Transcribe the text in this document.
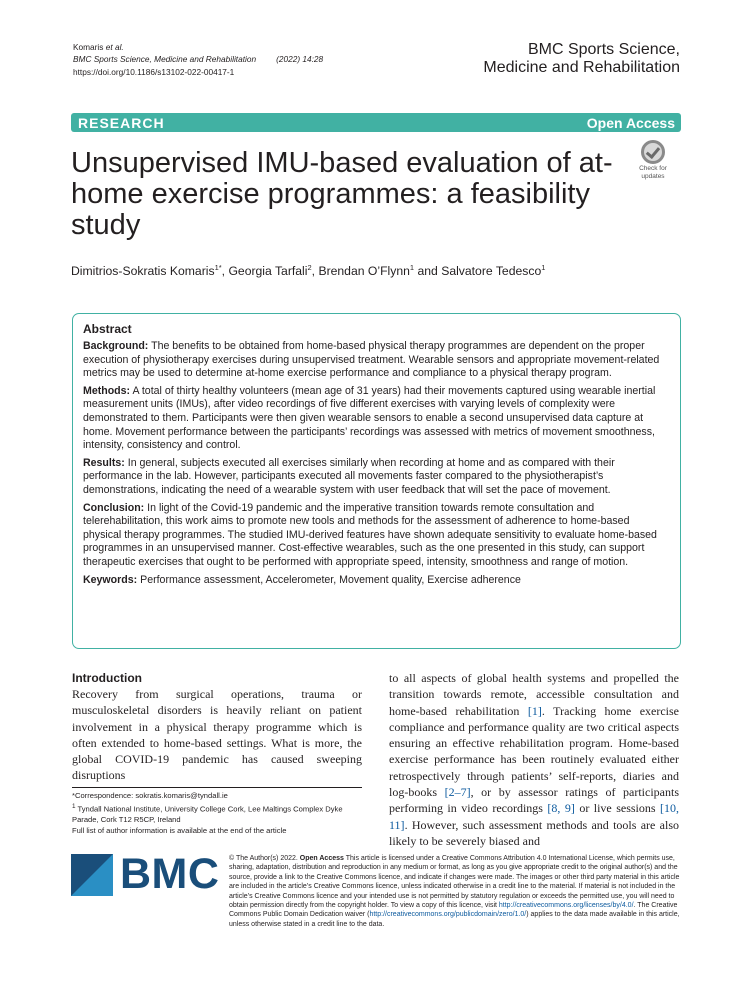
Komaris et al.
BMC Sports Science, Medicine and Rehabilitation (2022) 14:28
https://doi.org/10.1186/s13102-022-00417-1
BMC Sports Science,
Medicine and Rehabilitation
RESEARCH	Open Access
Check for
updates
Unsupervised IMU-based evaluation of at-home exercise programmes: a feasibility study
Dimitrios-Sokratis Komaris$^{1*}$, Georgia Tarfali$^2$, Brendan O’Flynn$^1$ and Salvatore Tedesco$^1$
Abstract

Background: The benefits to be obtained from home-based physical therapy programmes are dependent on the proper execution of physiotherapy exercises during unsupervised treatment. Wearable sensors and appropriate movement-related metrics may be used to determine at-home exercise performance and compliance to a physical therapy program.

Methods: A total of thirty healthy volunteers (mean age of 31 years) had their movements captured using wearable inertial measurement units (IMUs), after video recordings of five different exercises with varying levels of complexity were demonstrated to them. Participants were then given wearable sensors to enable a second unsupervised data capture at home. Movement performance between the participants’ recordings was assessed with metrics of movement smoothness, intensity, consistency and control.

Results: In general, subjects executed all exercises similarly when recording at home and as compared with their performance in the lab. However, participants executed all movements faster compared to the physiotherapist’s demonstrations, indicating the need of a wearable system with user feedback that will set the pace of movement.

Conclusion: In light of the Covid-19 pandemic and the imperative transition towards remote consultation and telerehabilitation, this work aims to promote new tools and methods for the assessment of adherence to home-based physical therapy programmes. The studied IMU-derived features have shown adequate sensitivity to evaluate home-based programmes in an unsupervised manner. Cost-effective wearables, such as the one presented in this study, can support therapeutic exercises that ought to be performed with appropriate speed, intensity, smoothness and range of motion.

Keywords: Performance assessment, Accelerometer, Movement quality, Exercise adherence

Introduction

Recovery from surgical operations, trauma or musculoskeletal disorders is heavily reliant on patient involvement in a physical therapy programme which is often extended to home-based settings. What is more, the global COVID-19 pandemic has caused sweeping disruptions

to all aspects of global health systems and propelled the transition towards remote, accessible consultation and home-based rehabilitation [1]. Tracking home exercise compliance and performance quality are two critical aspects ensuring an effective rehabilitation program. Home-based exercise performance has been routinely evaluated either retrospectively through patients’ self-reports, diaries and log-books [2–7], or by assessor ratings of participants performing in video recordings [8, 9] or live sessions [10, 11]. However, such assessment methods and tools are also likely to be severely biased and

*Correspondence: sokratis.komaris@tyndall.ie
$^1$ Tyndall National Institute, University College Cork, Lee Maltings Complex Dyke Parade, Cork T12 R5CP, Ireland
Full list of author information is available at the end of the article
BMC © The Author(s) 2022. Open Access This article is licensed under a Creative Commons Attribution 4.0 International License, which permits use, sharing, adaptation, distribution and reproduction in any medium or format, as long as you give appropriate credit to the original author(s) and the source, provide a link to the Creative Commons licence, and indicate if changes were made. The images or other third party material in this article are included in the article’s Creative Commons licence, unless indicated otherwise in a credit line to the material. If material is not included in the article’s Creative Commons licence and your intended use is not permitted by statutory regulation or exceeds the permitted use, you will need to obtain permission directly from the copyright holder. To view a copy of this licence, visit http://creativecommons.org/licenses/by/4.0/. The Creative Commons Public Domain Dedication waiver (http://creativecommons.org/publicdomain/zero/1.0/) applies to the data made available in this article, unless otherwise stated in a credit line to the data.
